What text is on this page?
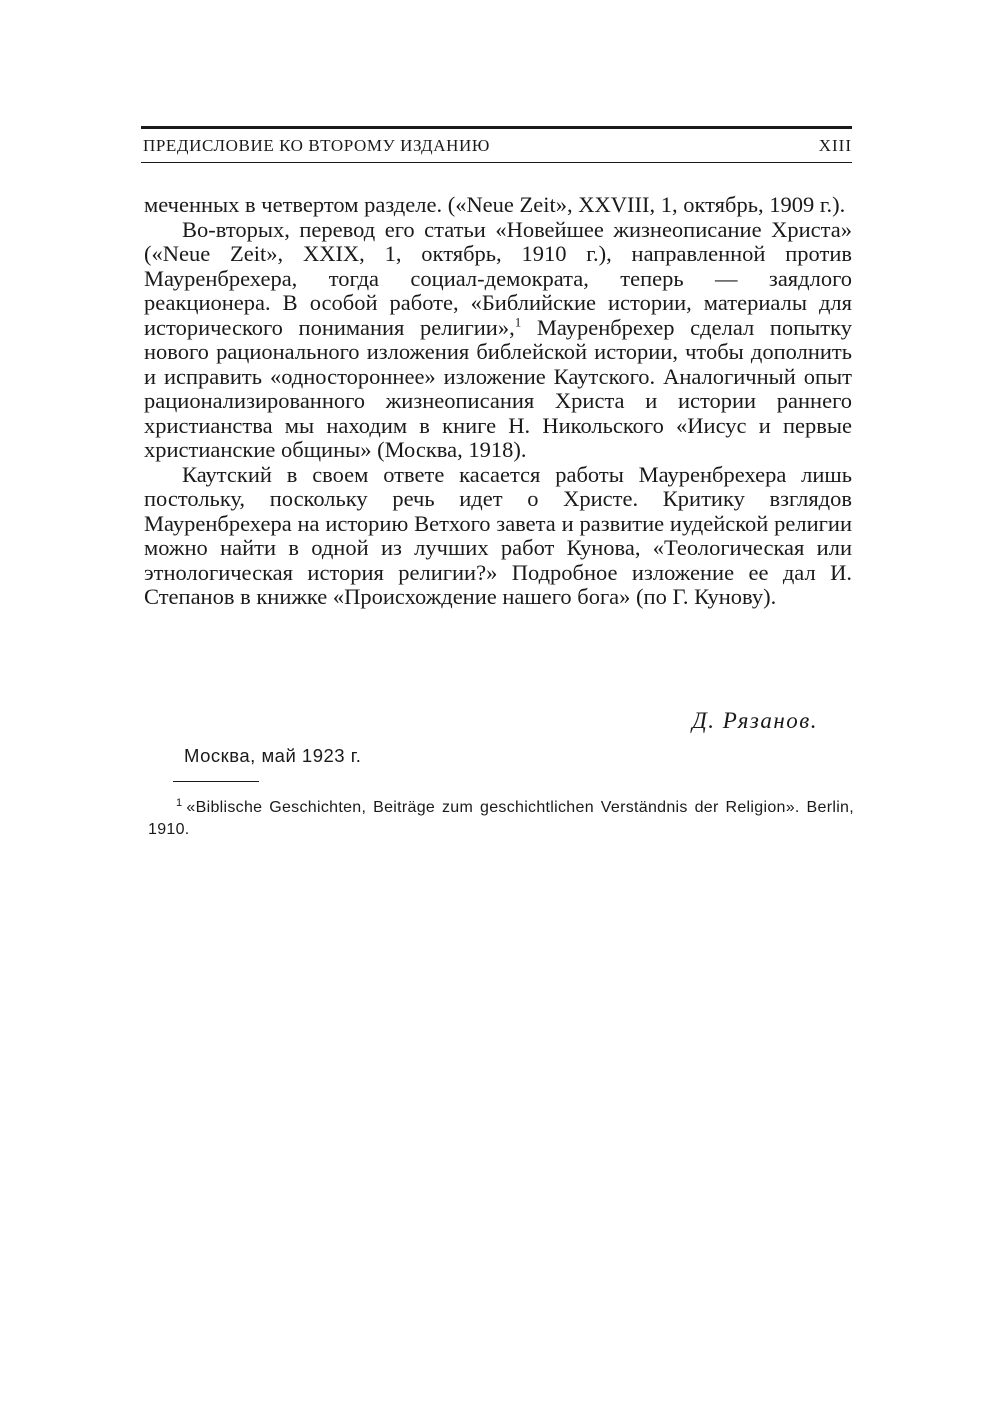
ПРЕДИСЛОВИЕ КО ВТОРОМУ ИЗДАНИЮ	XIII

меченных в четвертом разделе. («Neue Zeit», XXVIII, 1, октябрь, 1909 г.).

Во-вторых, перевод его статьи «Новейшее жизнеописание Христа» («Neue Zeit», XXIX, 1, октябрь, 1910 г.), направленной против Мауренбрехера, тогда социал-демократа, теперь — заядлого реакционера. В особой работе, «Библийские истории, материалы для исторического понимания религии»,$^1$ Мауренбрехер сделал попытку нового рационального изложения библейской истории, чтобы дополнить и исправить «одностороннее» изложение Каутского. Аналогичный опыт рационализированного жизнеописания Христа и истории раннего христианства мы находим в книге Н. Никольского «Иисус и первые христианские общины» (Москва, 1918).

Каутский в своем ответе касается работы Мауренбрехера лишь постольку, поскольку речь идет о Христе. Критику взглядов Мауренбрехера на историю Ветхого завета и развитие иудейской религии можно найти в одной из лучших работ Кунова, «Теологическая или этнологическая история религии?» Подробное изложение ее дал И. Степанов в книжке «Происхождение нашего бога» (по Г. Кунову).

Д. Рязанов.
Москва, май 1923 г.

$^1$ «Biblische Geschichten, Beiträge zum geschichtlichen Verständnis der Religion». Berlin, 1910.
